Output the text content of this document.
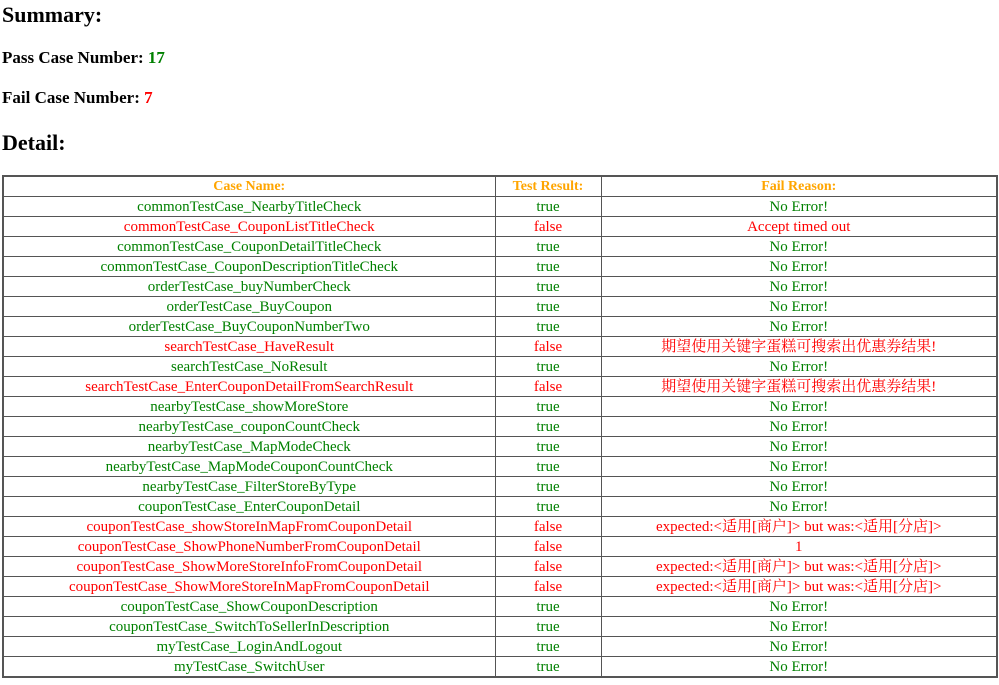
Summary:

Pass Case Number: 17

Fail Case Number: 7

Detail:
Case Name:	Test Result:	Fail Reason:
commonTestCase_NearbyTitleCheck	true	No Error!
commonTestCase_CouponListTitleCheck	false	Accept timed out
commonTestCase_CouponDetailTitleCheck	true	No Error!
commonTestCase_CouponDescriptionTitleCheck	true	No Error!
orderTestCase_buyNumberCheck	true	No Error!
orderTestCase_BuyCoupon	true	No Error!
orderTestCase_BuyCouponNumberTwo	true	No Error!
searchTestCase_HaveResult	false	期望使用关键字蛋糕可搜索出优惠券结果!
searchTestCase_NoResult	true	No Error!
searchTestCase_EnterCouponDetailFromSearchResult	false	期望使用关键字蛋糕可搜索出优惠券结果!
nearbyTestCase_showMoreStore	true	No Error!
nearbyTestCase_couponCountCheck	true	No Error!
nearbyTestCase_MapModeCheck	true	No Error!
nearbyTestCase_MapModeCouponCountCheck	true	No Error!
nearbyTestCase_FilterStoreByType	true	No Error!
couponTestCase_EnterCouponDetail	true	No Error!
couponTestCase_showStoreInMapFromCouponDetail	false	expected:<适用[商户]> but was:<适用[分店]>
couponTestCase_ShowPhoneNumberFromCouponDetail	false	1
couponTestCase_ShowMoreStoreInfoFromCouponDetail	false	expected:<适用[商户]> but was:<适用[分店]>
couponTestCase_ShowMoreStoreInMapFromCouponDetail	false	expected:<适用[商户]> but was:<适用[分店]>
couponTestCase_ShowCouponDescription	true	No Error!
couponTestCase_SwitchToSellerInDescription	true	No Error!
myTestCase_LoginAndLogout	true	No Error!
myTestCase_SwitchUser	true	No Error!
